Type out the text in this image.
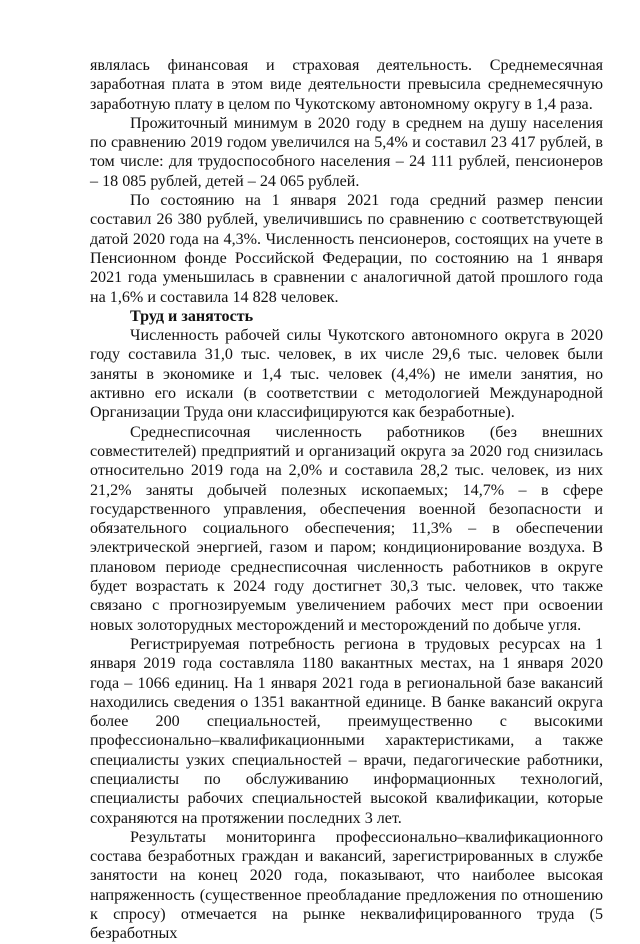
являлась финансовая и страховая деятельность. Среднемесячная заработная плата в этом виде деятельности превысила среднемесячную заработную плату в целом по Чукотскому автономному округу в 1,4 раза.

Прожиточный минимум в 2020 году в среднем на душу населения по сравнению 2019 годом увеличился на 5,4% и составил 23 417 рублей, в том числе: для трудоспособного населения – 24 111 рублей, пенсионеров – 18 085 рублей, детей – 24 065 рублей.

По состоянию на 1 января 2021 года средний размер пенсии составил 26 380 рублей, увеличившись по сравнению с соответствующей датой 2020 года на 4,3%. Численность пенсионеров, состоящих на учете в Пенсионном фонде Российской Федерации, по состоянию на 1 января 2021 года уменьшилась в сравнении с аналогичной датой прошлого года на 1,6% и составила 14 828 человек.

Труд и занятость

Численность рабочей силы Чукотского автономного округа в 2020 году составила 31,0 тыс. человек, в их числе 29,6 тыс. человек были заняты в экономике и 1,4 тыс. человек (4,4%) не имели занятия, но активно его искали (в соответствии с методологией Международной Организации Труда они классифицируются как безработные).

Среднесписочная численность работников (без внешних совместителей) предприятий и организаций округа за 2020 год снизилась относительно 2019 года на 2,0% и составила 28,2 тыс. человек, из них 21,2% заняты добычей полезных ископаемых; 14,7% – в сфере государственного управления, обеспечения военной безопасности и обязательного социального обеспечения; 11,3% – в обеспечении электрической энергией, газом и паром; кондиционирование воздуха. В плановом периоде среднесписочная численность работников в округе будет возрастать к 2024 году достигнет 30,3 тыс. человек, что также связано с прогнозируемым увеличением рабочих мест при освоении новых золоторудных месторождений и месторождений по добыче угля.

Регистрируемая потребность региона в трудовых ресурсах на 1 января 2019 года составляла 1180 вакантных местах, на 1 января 2020 года – 1066 единиц. На 1 января 2021 года в региональной базе вакансий находились сведения о 1351 вакантной единице. В банке вакансий округа более 200 специальностей, преимущественно с высокими профессионально–квалификационными характеристиками, а также специалисты узких специальностей – врачи, педагогические работники, специалисты по обслуживанию информационных технологий, специалисты рабочих специальностей высокой квалификации, которые сохраняются на протяжении последних 3 лет.

Результаты мониторинга профессионально–квалификационного состава безработных граждан и вакансий, зарегистрированных в службе занятости на конец 2020 года, показывают, что наиболее высокая напряженность (существенное преобладание предложения по отношению к спросу) отмечается на рынке неквалифицированного труда (5 безработных
